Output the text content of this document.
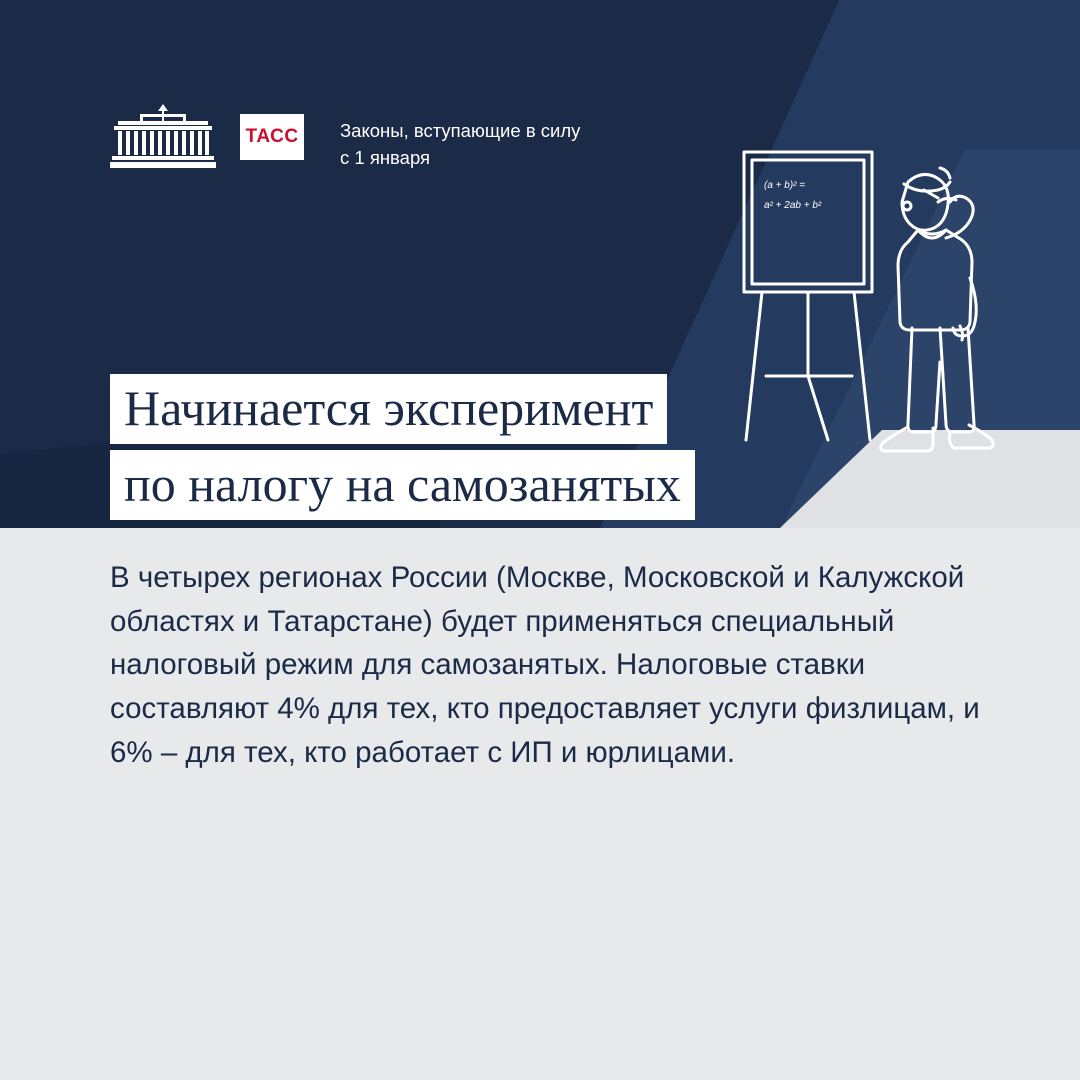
ТАСС Законы, вступающие в силу
с 1 января
(a + b)² =
a² + 2ab + b²
Начинается эксперимент
по налогу на самозанятых
В четырех регионах России (Москве, Московской и Калужской областях и Татарстане) будет применяться специальный налоговый режим для самозанятых. Налоговые ставки составляют 4% для тех, кто предоставляет услуги физлицам, и 6% – для тех, кто работает с ИП и юрлицами.
